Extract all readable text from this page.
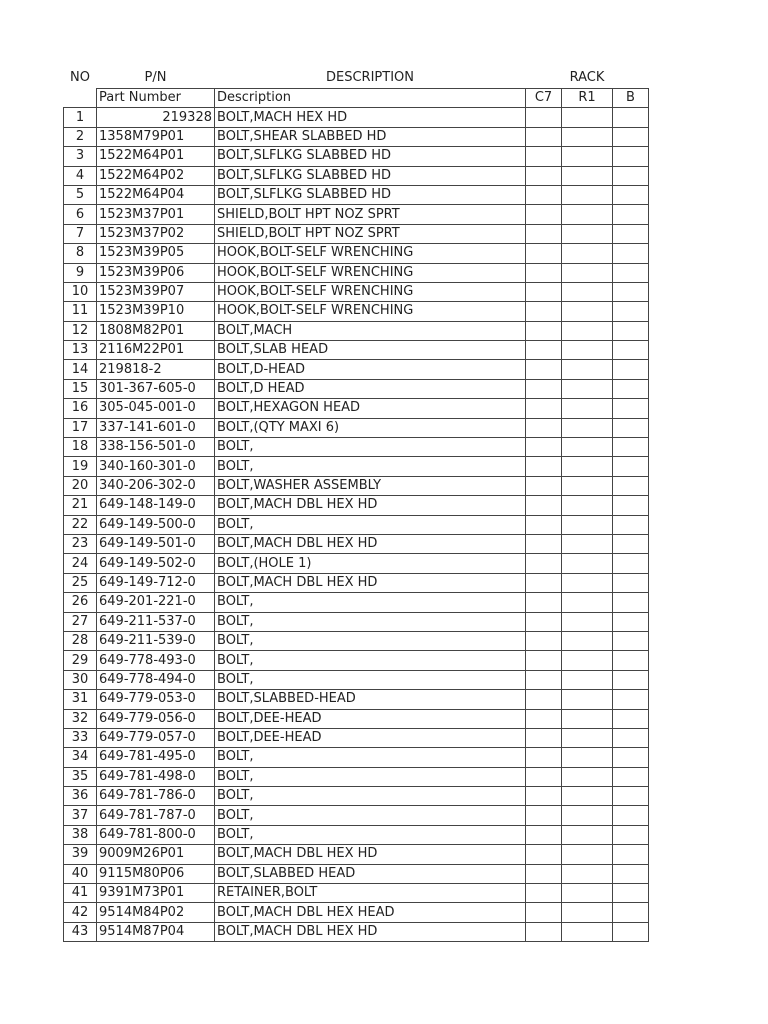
NO	P/N	DESCRIPTION	RACK		
	Part Number	Description	C7	R1	B
1	219328	BOLT,MACH HEX HD			
2	1358M79P01	BOLT,SHEAR SLABBED HD			
3	1522M64P01	BOLT,SLFLKG SLABBED HD			
4	1522M64P02	BOLT,SLFLKG SLABBED HD			
5	1522M64P04	BOLT,SLFLKG SLABBED HD			
6	1523M37P01	SHIELD,BOLT HPT NOZ SPRT			
7	1523M37P02	SHIELD,BOLT HPT NOZ SPRT			
8	1523M39P05	HOOK,BOLT-SELF WRENCHING			
9	1523M39P06	HOOK,BOLT-SELF WRENCHING			
10	1523M39P07	HOOK,BOLT-SELF WRENCHING			
11	1523M39P10	HOOK,BOLT-SELF WRENCHING			
12	1808M82P01	BOLT,MACH			
13	2116M22P01	BOLT,SLAB HEAD			
14	219818-2	BOLT,D-HEAD			
15	301-367-605-0	BOLT,D HEAD			
16	305-045-001-0	BOLT,HEXAGON HEAD			
17	337-141-601-0	BOLT,(QTY MAXI 6)			
18	338-156-501-0	BOLT,			
19	340-160-301-0	BOLT,			
20	340-206-302-0	BOLT,WASHER ASSEMBLY			
21	649-148-149-0	BOLT,MACH DBL HEX HD			
22	649-149-500-0	BOLT,			
23	649-149-501-0	BOLT,MACH DBL HEX HD			
24	649-149-502-0	BOLT,(HOLE 1)			
25	649-149-712-0	BOLT,MACH DBL HEX HD			
26	649-201-221-0	BOLT,			
27	649-211-537-0	BOLT,			
28	649-211-539-0	BOLT,			
29	649-778-493-0	BOLT,			
30	649-778-494-0	BOLT,			
31	649-779-053-0	BOLT,SLABBED-HEAD			
32	649-779-056-0	BOLT,DEE-HEAD			
33	649-779-057-0	BOLT,DEE-HEAD			
34	649-781-495-0	BOLT,			
35	649-781-498-0	BOLT,			
36	649-781-786-0	BOLT,			
37	649-781-787-0	BOLT,			
38	649-781-800-0	BOLT,			
39	9009M26P01	BOLT,MACH DBL HEX HD			
40	9115M80P06	BOLT,SLABBED HEAD			
41	9391M73P01	RETAINER,BOLT			
42	9514M84P02	BOLT,MACH DBL HEX HEAD			
43	9514M87P04	BOLT,MACH DBL HEX HD			
